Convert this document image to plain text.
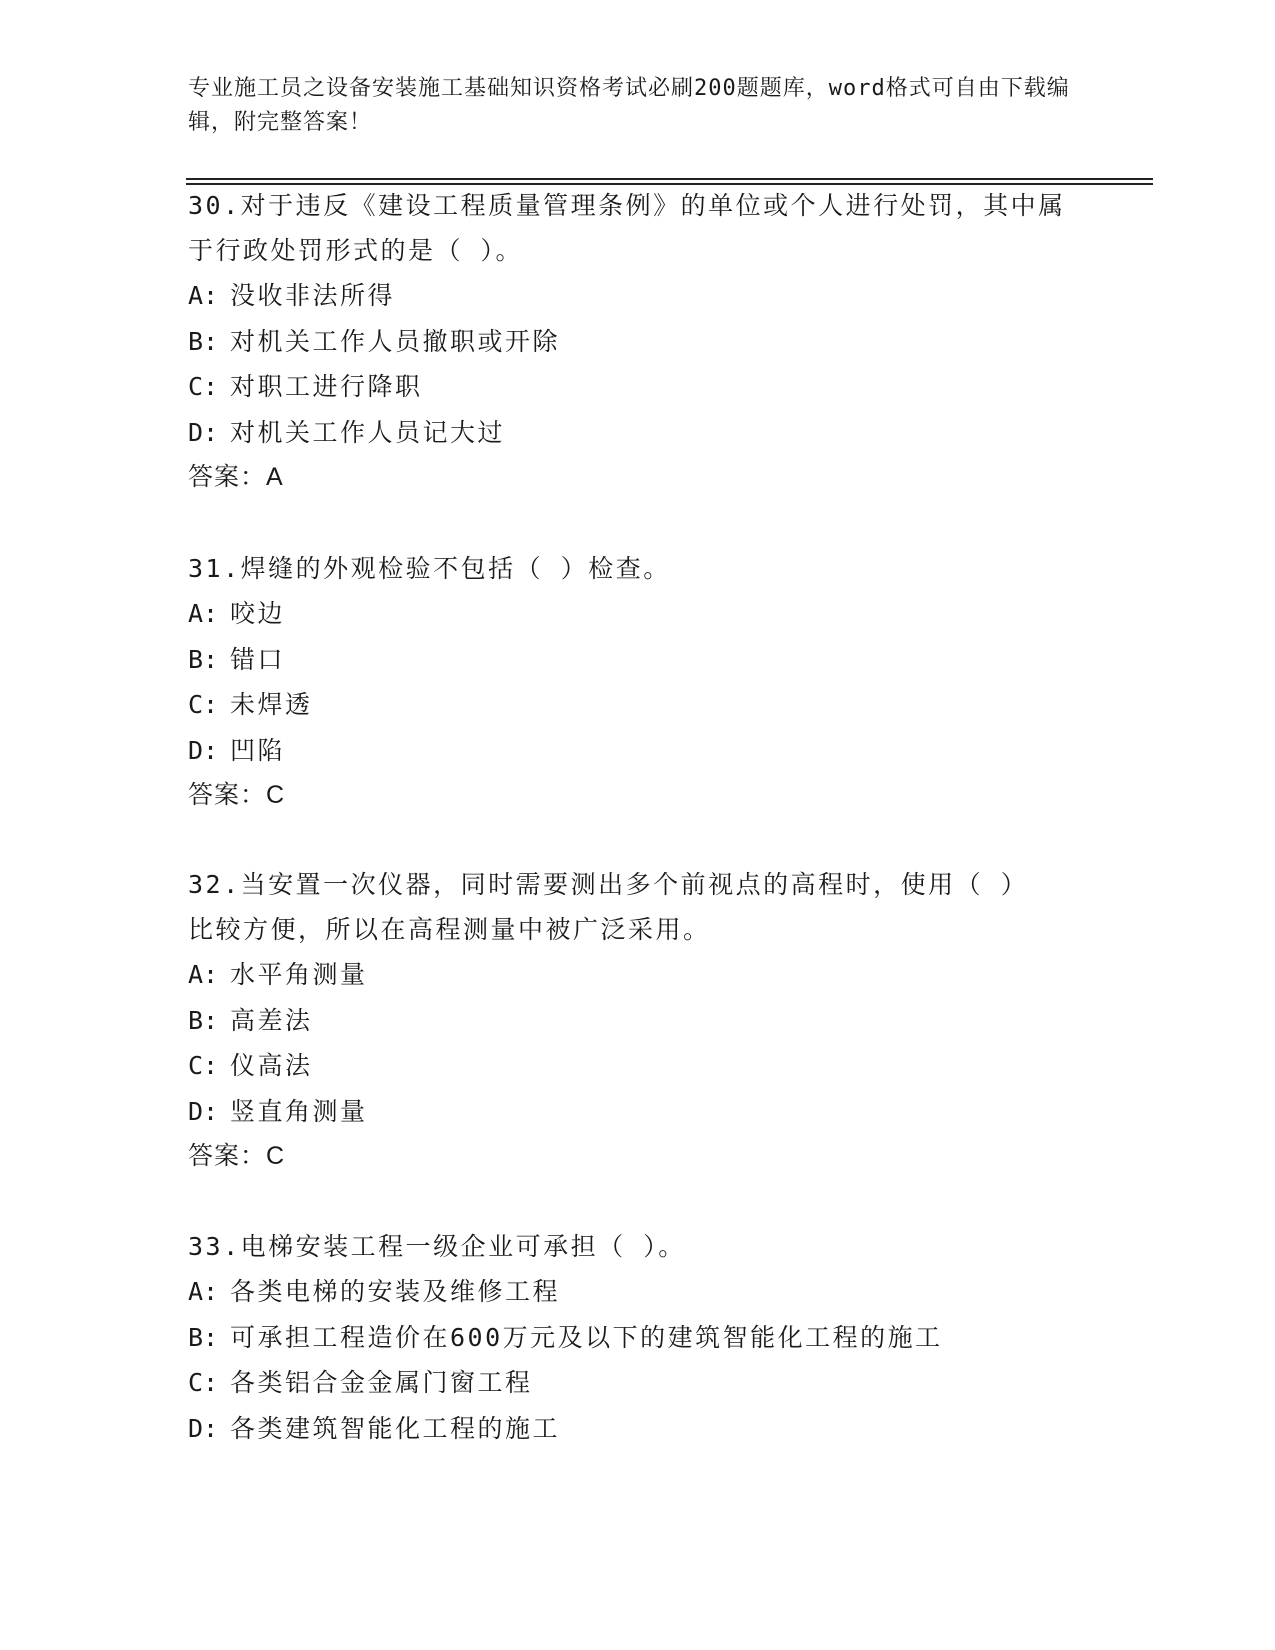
专业施工员之设备安装施工基础知识资格考试必刷200题题库，word格式可自由下载编辑，附完整答案！

30.对于违反《建设工程质量管理条例》的单位或个人进行处罚，其中属于行政处罚形式的是（ ）。

A: 没收非法所得

B: 对机关工作人员撤职或开除

C: 对职工进行降职

D: 对机关工作人员记大过

答案：A

31.焊缝的外观检验不包括（ ）检查。

A: 咬边

B: 错口

C: 未焊透

D: 凹陷

答案：C

32.当安置一次仪器，同时需要测出多个前视点的高程时，使用（ ）比较方便，所以在高程测量中被广泛采用。

A: 水平角测量

B: 高差法

C: 仪高法

D: 竖直角测量

答案：C

33.电梯安装工程一级企业可承担（ ）。

A: 各类电梯的安装及维修工程

B: 可承担工程造价在600万元及以下的建筑智能化工程的施工

C: 各类铝合金金属门窗工程

D: 各类建筑智能化工程的施工
